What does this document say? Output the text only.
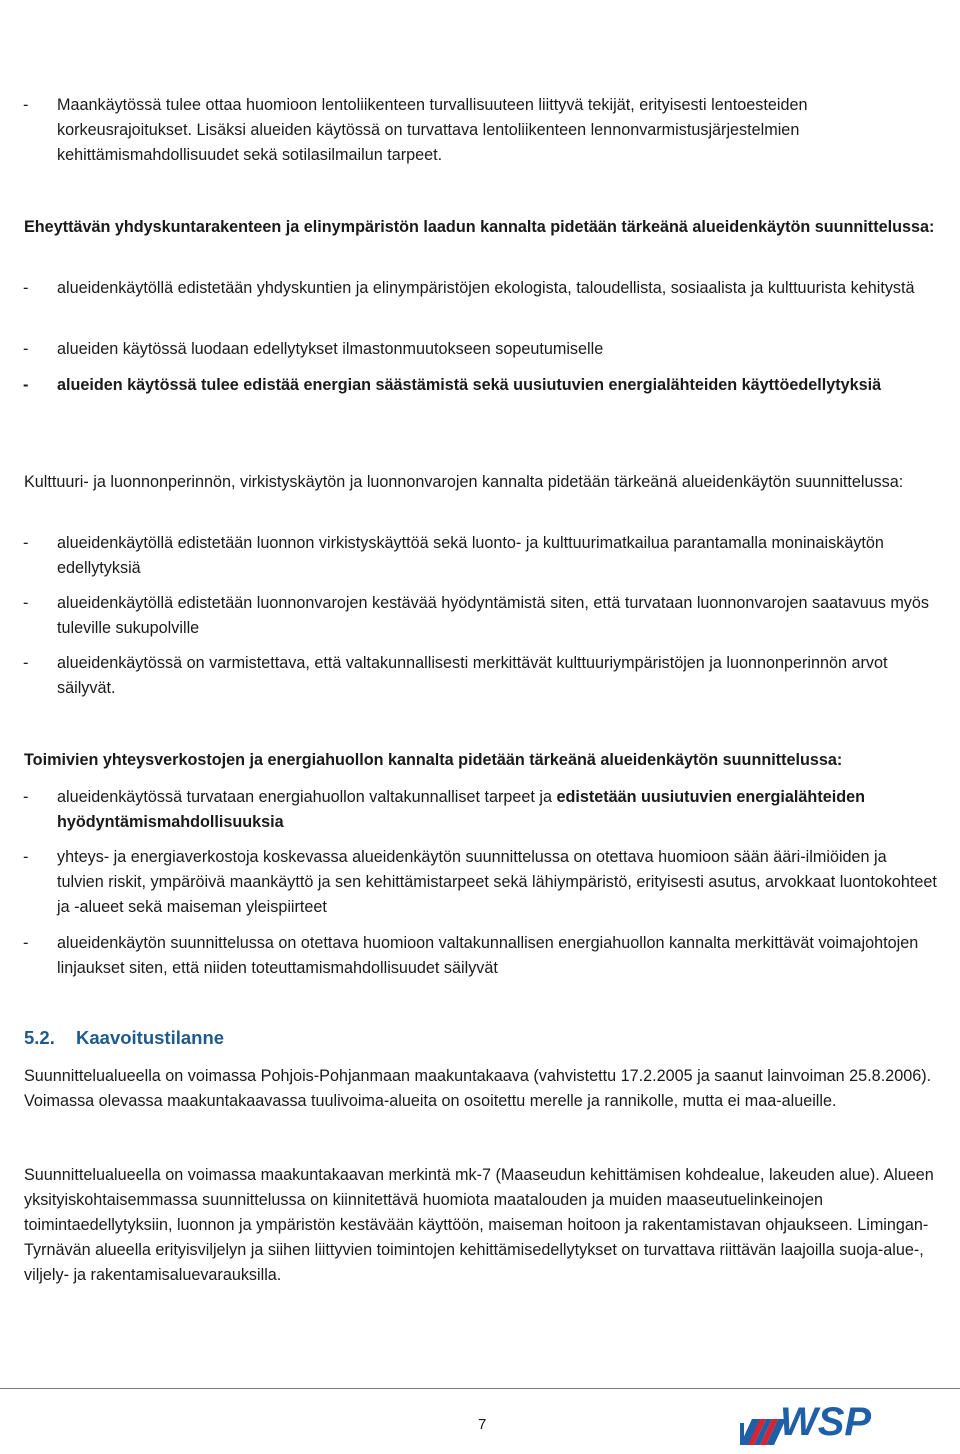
- Maankäytössä tulee ottaa huomioon lentoliikenteen turvallisuuteen liittyvä tekijät, erityisesti lentoesteiden korkeusrajoitukset. Lisäksi alueiden käytössä on turvattava lentoliikenteen lennonvarmistusjärjestelmien kehittämismahdollisuudet sekä sotilasilmailun tarpeet.
Eheyttävän yhdyskuntarakenteen ja elinympäristön laadun kannalta pidetään tärkeänä alueidenkäytön suunnittelussa:
- alueidenkäytöllä edistetään yhdyskuntien ja elinympäristöjen ekologista, taloudellista, sosiaalista ja kulttuurista kehitystä
- alueiden käytössä luodaan edellytykset ilmastonmuutokseen sopeutumiselle
- alueiden käytössä tulee edistää energian säästämistä sekä uusiutuvien energialähteiden käyttöedellytyksiä
Kulttuuri- ja luonnonperinnön, virkistyskäytön ja luonnonvarojen kannalta pidetään tärkeänä alueidenkäytön suunnittelussa:
- alueidenkäytöllä edistetään luonnon virkistyskäyttöä sekä luonto- ja kulttuurimatkailua parantamalla moninaiskäytön edellytyksiä
- alueidenkäytöllä edistetään luonnonvarojen kestävää hyödyntämistä siten, että turvataan luonnonvarojen saatavuus myös tuleville sukupolville
- alueidenkäytössä on varmistettava, että valtakunnallisesti merkittävät kulttuuriympäristöjen ja luonnonperinnön arvot säilyvät.
Toimivien yhteysverkostojen ja energiahuollon kannalta pidetään tärkeänä alueidenkäytön suunnittelussa:
- alueidenkäytössä turvataan energiahuollon valtakunnalliset tarpeet ja edistetään uusiutuvien energialähteiden hyödyntämismahdollisuuksia
- yhteys- ja energiaverkostoja koskevassa alueidenkäytön suunnittelussa on otettava huomioon sään ääri-ilmiöiden ja tulvien riskit, ympäröivä maankäyttö ja sen kehittämistarpeet sekä lähiympäristö, erityisesti asutus, arvokkaat luontokohteet ja -alueet sekä maiseman yleispiirteet
- alueidenkäytön suunnittelussa on otettava huomioon valtakunnallisen energiahuollon kannalta merkittävät voimajohtojen linjaukset siten, että niiden toteuttamismahdollisuudet säilyvät
5.2. Kaavoitustilanne
Suunnittelualueella on voimassa Pohjois-Pohjanmaan maakuntakaava (vahvistettu 17.2.2005 ja saanut lainvoiman 25.8.2006). Voimassa olevassa maakuntakaavassa tuulivoima-alueita on osoitettu merelle ja rannikolle, mutta ei maa-alueille.
Suunnittelualueella on voimassa maakuntakaavan merkintä mk-7 (Maaseudun kehittämisen kohdealue, lakeuden alue). Alueen yksityiskohtaisemmassa suunnittelussa on kiinnitettävä huomiota maatalouden ja muiden maaseutuelinkeinojen toimintaedellytyksiin, luonnon ja ympäristön kestävään käyttöön, maiseman hoitoon ja rakentamistavan ohjaukseen. Limingan-Tyrnävän alueella erityisviljelyn ja siihen liittyvien toimintojen kehittämisedellytykset on turvattava riittävän laajoilla suoja-alue-, viljely- ja rakentamisaluevarauksilla.
7	WSP
